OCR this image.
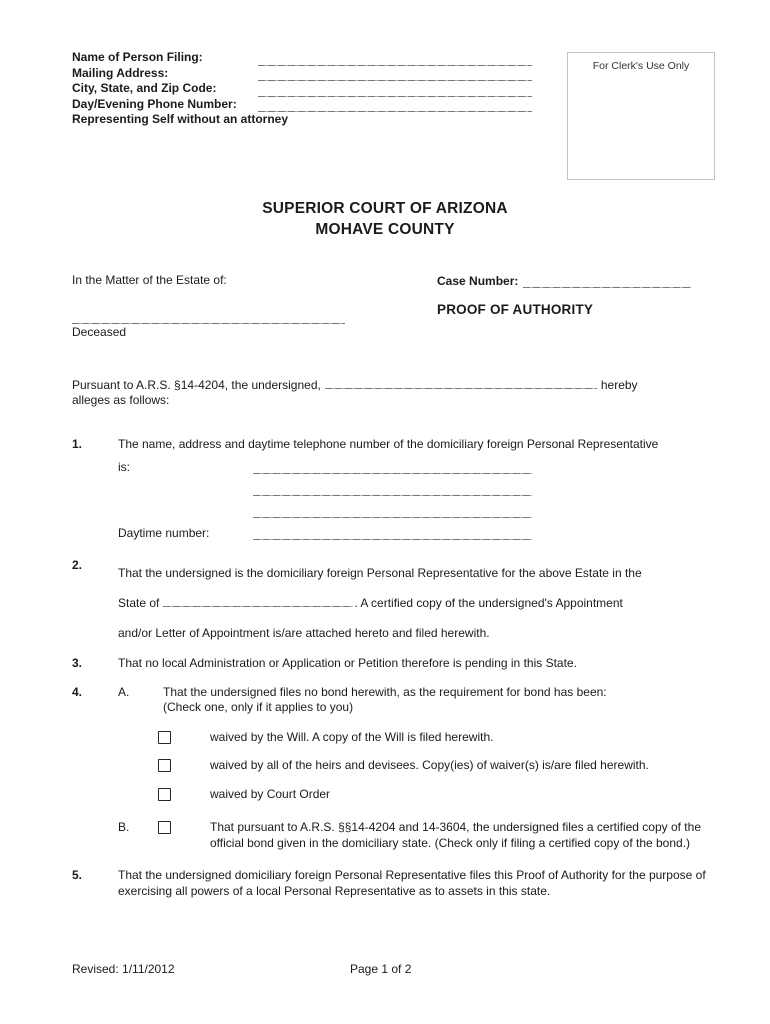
Name of Person Filing:
Mailing Address:
City, State, and Zip Code:
Day/Evening Phone Number:
Representing Self without an attorney
For Clerk's Use Only
SUPERIOR COURT OF ARIZONA
MOHAVE COUNTY
In the Matter of the Estate of:
Deceased
Case Number:
PROOF OF AUTHORITY
Pursuant to A.R.S. §14-4204, the undersigned,	hereby
alleges as follows:
1.	The name, address and daytime telephone number of the domiciliary foreign Personal Representative
is:
Daytime number:
2.
That the undersigned is the domiciliary foreign Personal Representative for the above Estate in the
State of	. A certified copy of the undersigned's Appointment
and/or Letter of Appointment is/are attached hereto and filed herewith.
3.	That no local Administration or Application or Petition therefore is pending in this State.
4.	A.	That the undersigned files no bond herewith, as the requirement for bond has been:
(Check one, only if it applies to you)
waived by the Will. A copy of the Will is filed herewith.
waived by all of the heirs and devisees. Copy(ies) of waiver(s) is/are filed herewith.
waived by Court Order
B.	That pursuant to A.R.S. §§14-4204 and 14-3604, the undersigned files a certified copy of the official bond given in the domiciliary state. (Check only if filing a certified copy of the bond.)
5.	That the undersigned domiciliary foreign Personal Representative files this Proof of Authority for the purpose of exercising all powers of a local Personal Representative as to assets in this state.
Revised: 1/11/2012	Page 1 of 2
